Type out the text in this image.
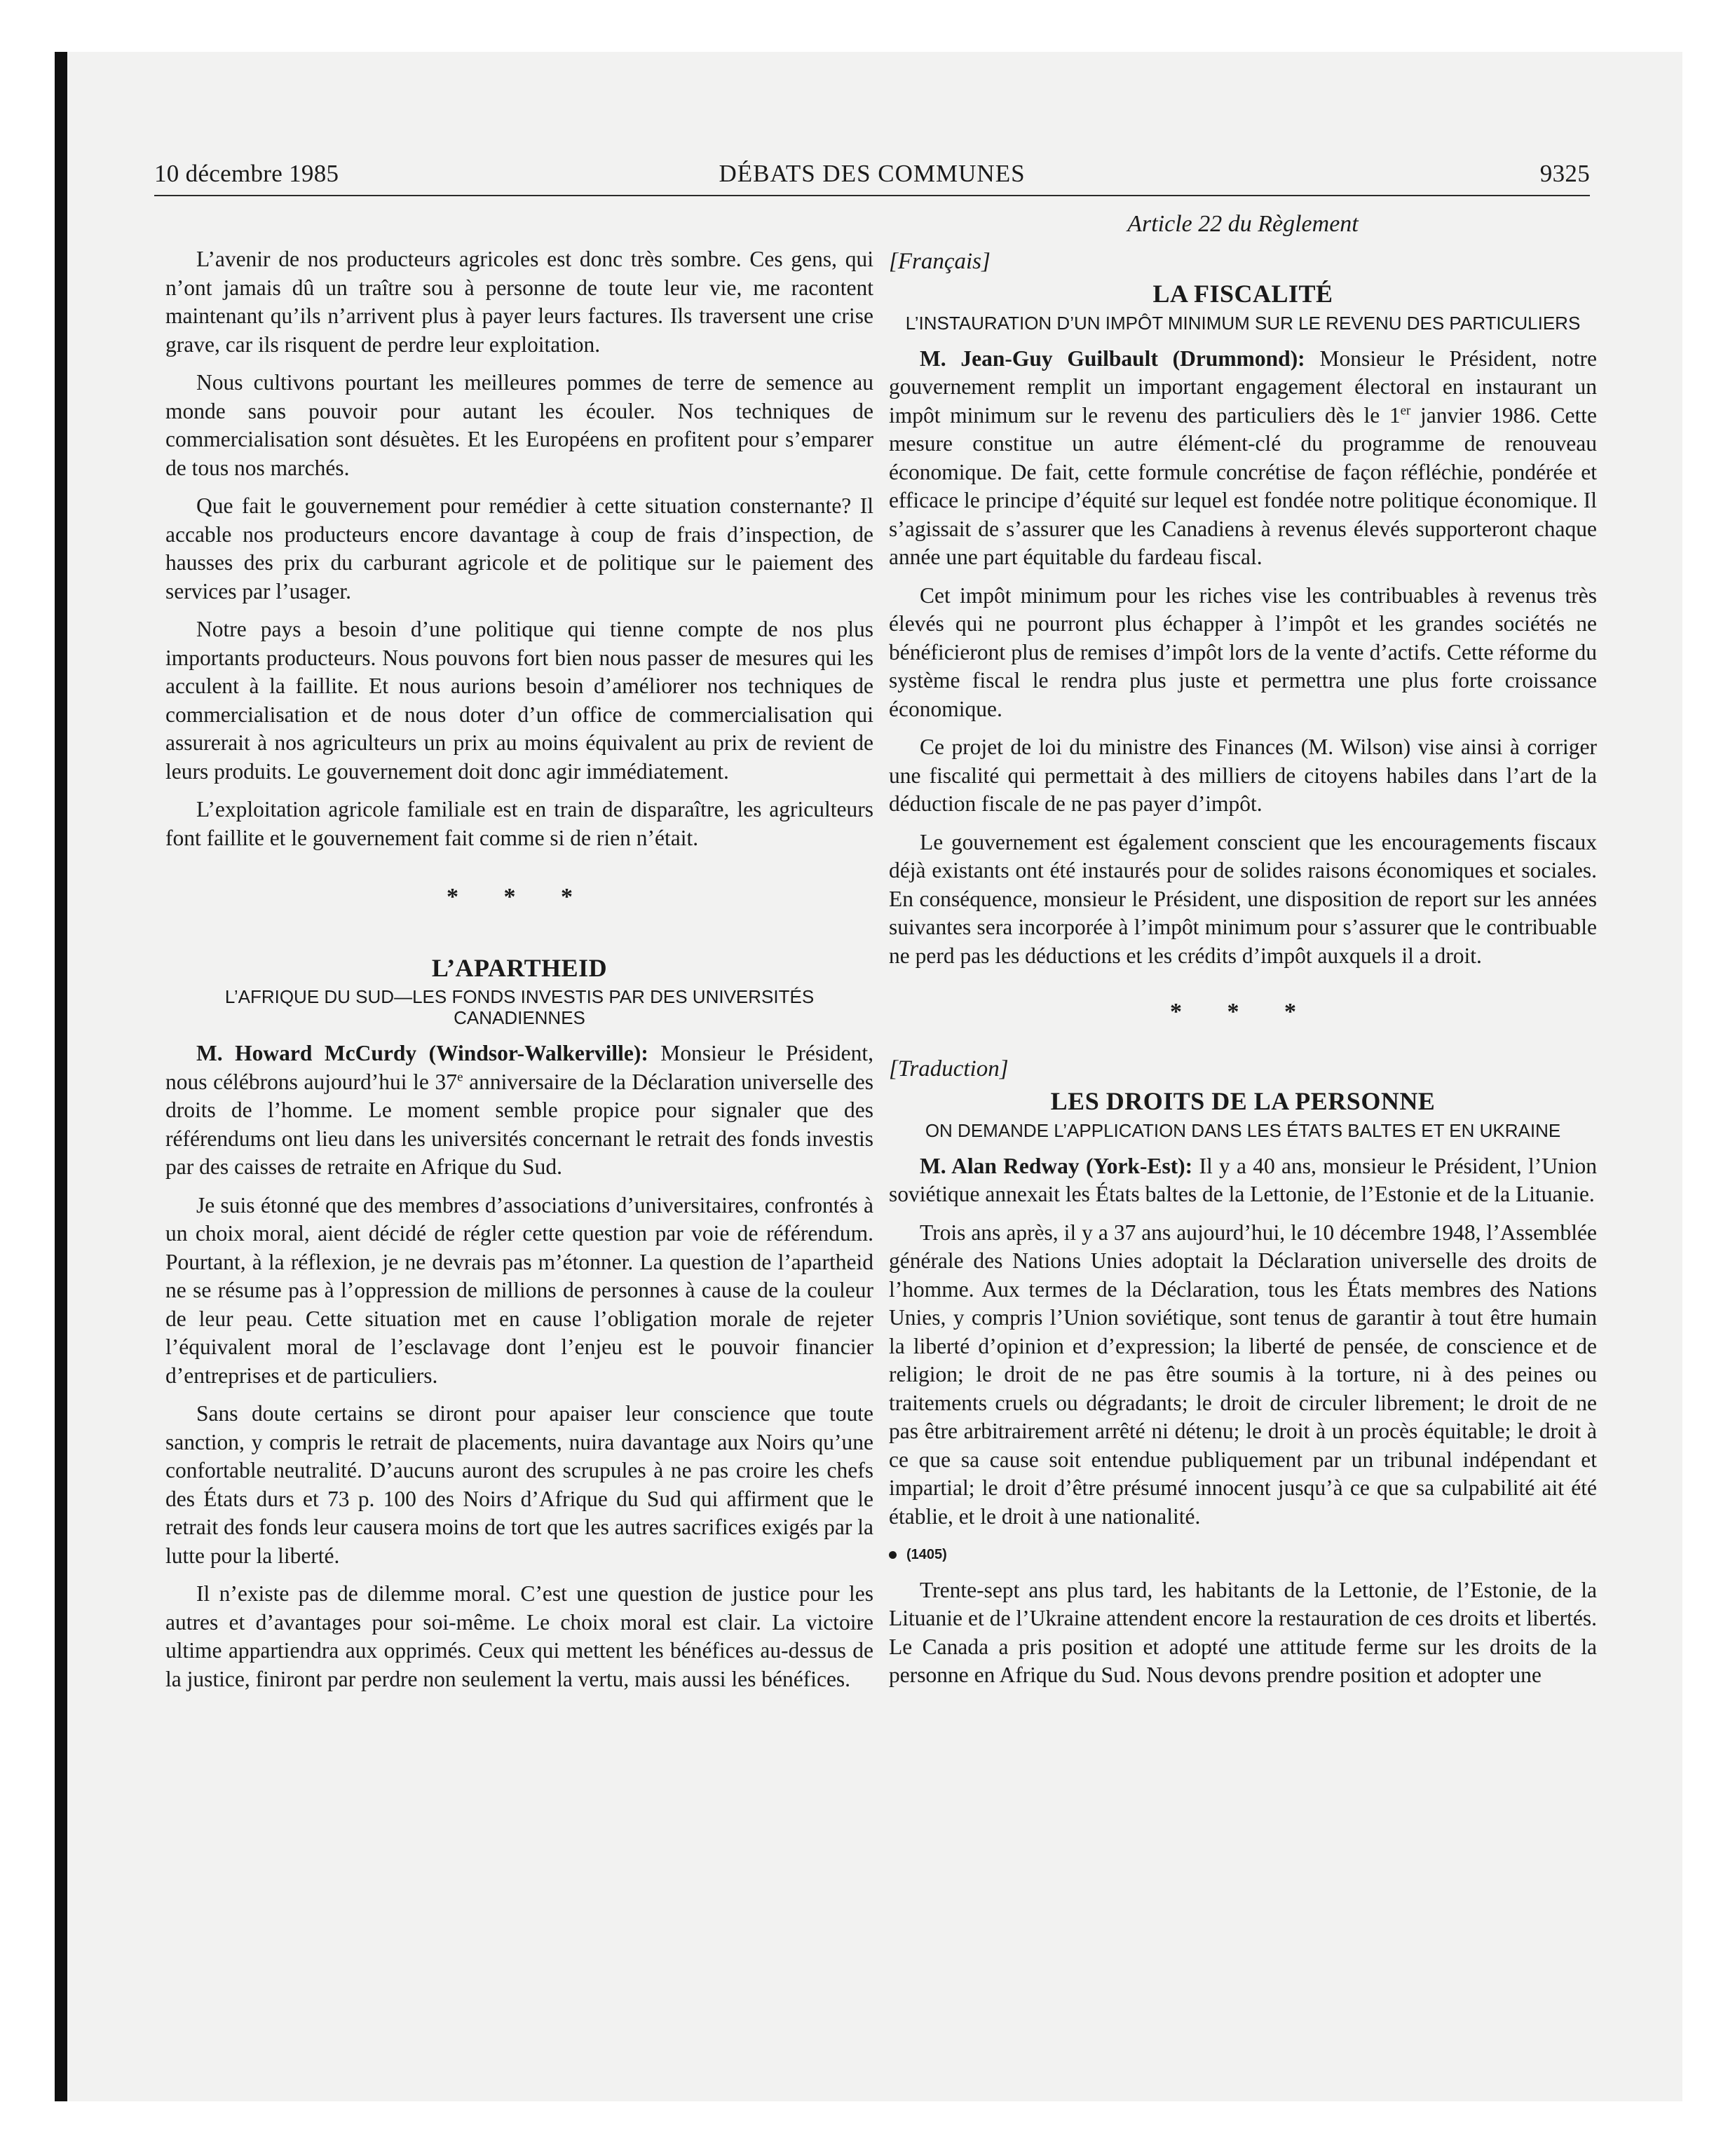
10 décembre 1985	DÉBATS DES COMMUNES	9325

L’avenir de nos producteurs agricoles est donc très sombre. Ces gens, qui n’ont jamais dû un traître sou à personne de toute leur vie, me racontent maintenant qu’ils n’arrivent plus à payer leurs factures. Ils traversent une crise grave, car ils risquent de perdre leur exploitation.

Nous cultivons pourtant les meilleures pommes de terre de semence au monde sans pouvoir pour autant les écouler. Nos techniques de commercialisation sont désuètes. Et les Européens en profitent pour s’emparer de tous nos marchés.

Que fait le gouvernement pour remédier à cette situation consternante? Il accable nos producteurs encore davantage à coup de frais d’inspection, de hausses des prix du carburant agricole et de politique sur le paiement des services par l’usager.

Notre pays a besoin d’une politique qui tienne compte de nos plus importants producteurs. Nous pouvons fort bien nous passer de mesures qui les acculent à la faillite. Et nous aurions besoin d’améliorer nos techniques de commercialisation et de nous doter d’un office de commercialisation qui assurerait à nos agriculteurs un prix au moins équivalent au prix de revient de leurs produits. Le gouvernement doit donc agir immédiatement.

L’exploitation agricole familiale est en train de disparaître, les agriculteurs font faillite et le gouvernement fait comme si de rien n’était.

* * *
L’APARTHEID
L’AFRIQUE DU SUD—LES FONDS INVESTIS PAR DES UNIVERSITÉS CANADIENNES

M. Howard McCurdy (Windsor-Walkerville): Monsieur le Président, nous célébrons aujourd’hui le 37e anniversaire de la Déclaration universelle des droits de l’homme. Le moment semble propice pour signaler que des référendums ont lieu dans les universités concernant le retrait des fonds investis par des caisses de retraite en Afrique du Sud.

Je suis étonné que des membres d’associations d’universitaires, confrontés à un choix moral, aient décidé de régler cette question par voie de référendum. Pourtant, à la réflexion, je ne devrais pas m’étonner. La question de l’apartheid ne se résume pas à l’oppression de millions de personnes à cause de la couleur de leur peau. Cette situation met en cause l’obligation morale de rejeter l’équivalent moral de l’esclavage dont l’enjeu est le pouvoir financier d’entreprises et de particuliers.

Sans doute certains se diront pour apaiser leur conscience que toute sanction, y compris le retrait de placements, nuira davantage aux Noirs qu’une confortable neutralité. D’aucuns auront des scrupules à ne pas croire les chefs des États durs et 73 p. 100 des Noirs d’Afrique du Sud qui affirment que le retrait des fonds leur causera moins de tort que les autres sacrifices exigés par la lutte pour la liberté.

Il n’existe pas de dilemme moral. C’est une question de justice pour les autres et d’avantages pour soi-même. Le choix moral est clair. La victoire ultime appartiendra aux opprimés. Ceux qui mettent les bénéfices au-dessus de la justice, finiront par perdre non seulement la vertu, mais aussi les bénéfices.

Article 22 du Règlement
[Français]
LA FISCALITÉ
L’INSTAURATION D’UN IMPÔT MINIMUM SUR LE REVENU DES PARTICULIERS

M. Jean-Guy Guilbault (Drummond): Monsieur le Président, notre gouvernement remplit un important engagement électoral en instaurant un impôt minimum sur le revenu des particuliers dès le 1er janvier 1986. Cette mesure constitue un autre élément-clé du programme de renouveau économique. De fait, cette formule concrétise de façon réfléchie, pondérée et efficace le principe d’équité sur lequel est fondée notre politique économique. Il s’agissait de s’assurer que les Canadiens à revenus élevés supporteront chaque année une part équitable du fardeau fiscal.

Cet impôt minimum pour les riches vise les contribuables à revenus très élevés qui ne pourront plus échapper à l’impôt et les grandes sociétés ne bénéficieront plus de remises d’impôt lors de la vente d’actifs. Cette réforme du système fiscal le rendra plus juste et permettra une plus forte croissance économique.

Ce projet de loi du ministre des Finances (M. Wilson) vise ainsi à corriger une fiscalité qui permettait à des milliers de citoyens habiles dans l’art de la déduction fiscale de ne pas payer d’impôt.

Le gouvernement est également conscient que les encouragements fiscaux déjà existants ont été instaurés pour de solides raisons économiques et sociales. En conséquence, monsieur le Président, une disposition de report sur les années suivantes sera incorporée à l’impôt minimum pour s’assurer que le contribuable ne perd pas les déductions et les crédits d’impôt auxquels il a droit.

* * *
[Traduction]
LES DROITS DE LA PERSONNE
ON DEMANDE L’APPLICATION DANS LES ÉTATS BALTES ET EN UKRAINE

M. Alan Redway (York-Est): Il y a 40 ans, monsieur le Président, l’Union soviétique annexait les États baltes de la Lettonie, de l’Estonie et de la Lituanie.

Trois ans après, il y a 37 ans aujourd’hui, le 10 décembre 1948, l’Assemblée générale des Nations Unies adoptait la Déclaration universelle des droits de l’homme. Aux termes de la Déclaration, tous les États membres des Nations Unies, y compris l’Union soviétique, sont tenus de garantir à tout être humain la liberté d’opinion et d’expression; la liberté de pensée, de conscience et de religion; le droit de ne pas être soumis à la torture, ni à des peines ou traitements cruels ou dégradants; le droit de circuler librement; le droit de ne pas être arbitrairement arrêté ni détenu; le droit à un procès équitable; le droit à ce que sa cause soit entendue publiquement par un tribunal indépendant et impartial; le droit d’être présumé innocent jusqu’à ce que sa culpabilité ait été établie, et le droit à une nationalité.

(1405)

Trente-sept ans plus tard, les habitants de la Lettonie, de l’Estonie, de la Lituanie et de l’Ukraine attendent encore la restauration de ces droits et libertés. Le Canada a pris position et adopté une attitude ferme sur les droits de la personne en Afrique du Sud. Nous devons prendre position et adopter une
